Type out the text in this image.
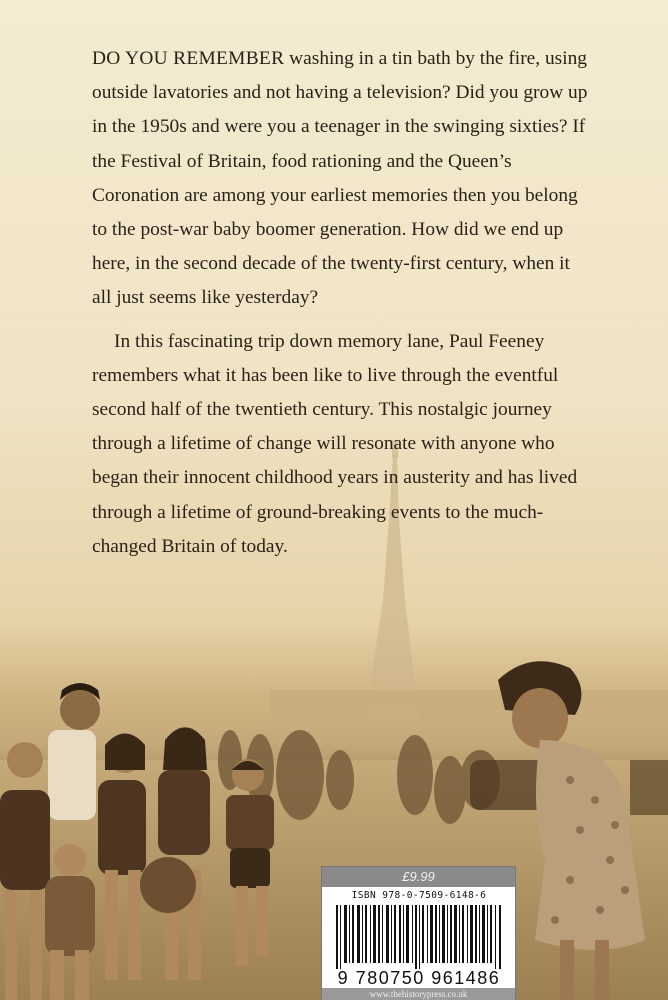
DO YOU REMEMBER washing in a tin bath by the fire, using outside lavatories and not having a television? Did you grow up in the 1950s and were you a teenager in the swinging sixties? If the Festival of Britain, food rationing and the Queen’s Coronation are among your earliest memories then you belong to the post-war baby boomer generation. How did we end up here, in the second decade of the twenty-first century, when it all just seems like yesterday?

In this fascinating trip down memory lane, Paul Feeney remembers what it has been like to live through the eventful second half of the twentieth century. This nostalgic journey through a lifetime of change will resonate with anyone who began their innocent childhood years in austerity and has lived through a lifetime of ground-breaking events to the much-changed Britain of today.

£9.99
ISBN 978-0-7509-6148-6
9 780750 961486
www.thehistorypress.co.uk
